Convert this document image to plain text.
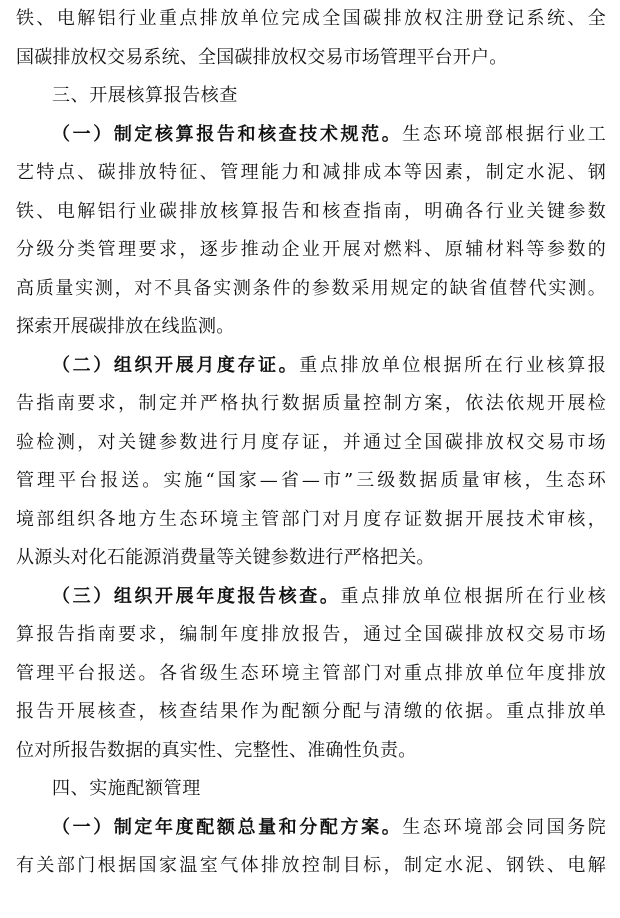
铁、电解铝行业重点排放单位完成全国碳排放权注册登记系统、全
国碳排放权交易系统、全国碳排放权交易市场管理平台开户。
三、开展核算报告核查
（一）制定核算报告和核查技术规范。生态环境部根据行业工
艺特点、碳排放特征、管理能力和减排成本等因素，制定水泥、钢
铁、电解铝行业碳排放核算报告和核查指南，明确各行业关键参数
分级分类管理要求，逐步推动企业开展对燃料、原辅材料等参数的
高质量实测，对不具备实测条件的参数采用规定的缺省值替代实测。
探索开展碳排放在线监测。
（二）组织开展月度存证。重点排放单位根据所在行业核算报
告指南要求，制定并严格执行数据质量控制方案，依法依规开展检
验检测，对关键参数进行月度存证，并通过全国碳排放权交易市场
管理平台报送。实施“国家—省—市”三级数据质量审核，生态环
境部组织各地方生态环境主管部门对月度存证数据开展技术审核，
从源头对化石能源消费量等关键参数进行严格把关。
（三）组织开展年度报告核查。重点排放单位根据所在行业核
算报告指南要求，编制年度排放报告，通过全国碳排放权交易市场
管理平台报送。各省级生态环境主管部门对重点排放单位年度排放
报告开展核查，核查结果作为配额分配与清缴的依据。重点排放单
位对所报告数据的真实性、完整性、准确性负责。
四、实施配额管理
（一）制定年度配额总量和分配方案。生态环境部会同国务院
有关部门根据国家温室气体排放控制目标，制定水泥、钢铁、电解
